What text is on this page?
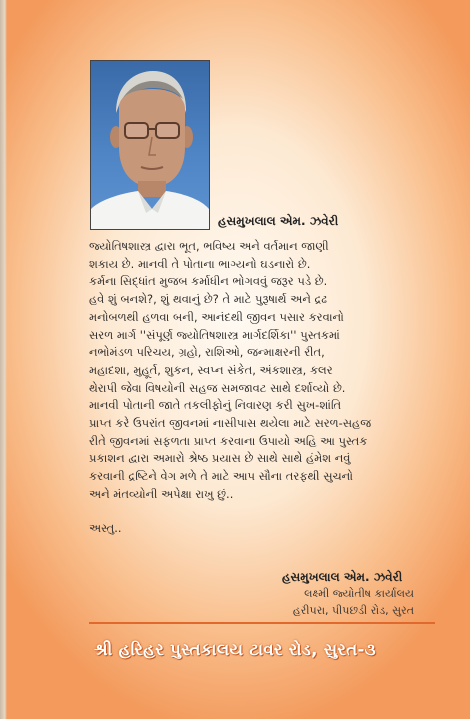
હસમુખલાલ એમ. ઝવેરી

જ્યોતિષશાસ્ત્ર દ્વારા ભૂત, ભવિષ્ય અને વર્તમાન જાણી
શકાય છે. માનવી તે પોતાના ભાગ્યનો ઘડનારો છે.
કર્મના સિદ્ધાંત મુજબ કર્માધીન ભોગવવું જરૂર પડે છે.
હવે શું બનશે?, શું થવાનું છે? તે માટે પુરૂષાર્થ અને દ્રઢ
મનોબળથી હળવા બની, આનંદથી જીવન પસાર કરવાનો
સરળ માર્ગ ''સંપૂર્ણ જ્યોતિષશાસ્ત્ર માર્ગદર્શિકા'' પુસ્તકમાં
નભોમંડળ પરિચય, ગ્રહો, રાશિઓ, જન્માક્ષરની રીત,
મહાદશા, મુહૂર્ત, શુકન, સ્વપ્ન સંકેત, અંકશાસ્ત્ર, કલર
થેરાપી જેવા વિષયોની સહજ સમજાવટ સાથે દર્શાવ્યો છે.
માનવી પોતાની જાતે તકલીફોનું નિવારણ કરી સુખ-શાંતિ
પ્રાપ્ત કરે ઉપરાંત જીવનમાં નાસીપાસ થયેલા માટે સરળ-સહજ
રીતે જીવનમાં સફળતા પ્રાપ્ત કરવાના ઉપાયો અહિ આ પુસ્તક
પ્રકાશન દ્વારા અમારો શ્રેષ્ઠ પ્રયાસ છે સાથે સાથે હંમેશ નવું
કરવાની દ્રષ્ટિને વેગ મળે તે માટે આપ સૌના તરફથી સુચનો
અને મંતવ્યોની અપેક્ષા રાખુ છું..

અસ્તુ..
હસમુખલાલ એમ. ઝવેરી
લક્ષ્મી જ્યોતીષ કાર્યાલય
હરીપરા, પીપછડી રોડ, સુરત
શ્રી હરિહર પુસ્તકાલય ટાવર રોડ, સુરત-૩
